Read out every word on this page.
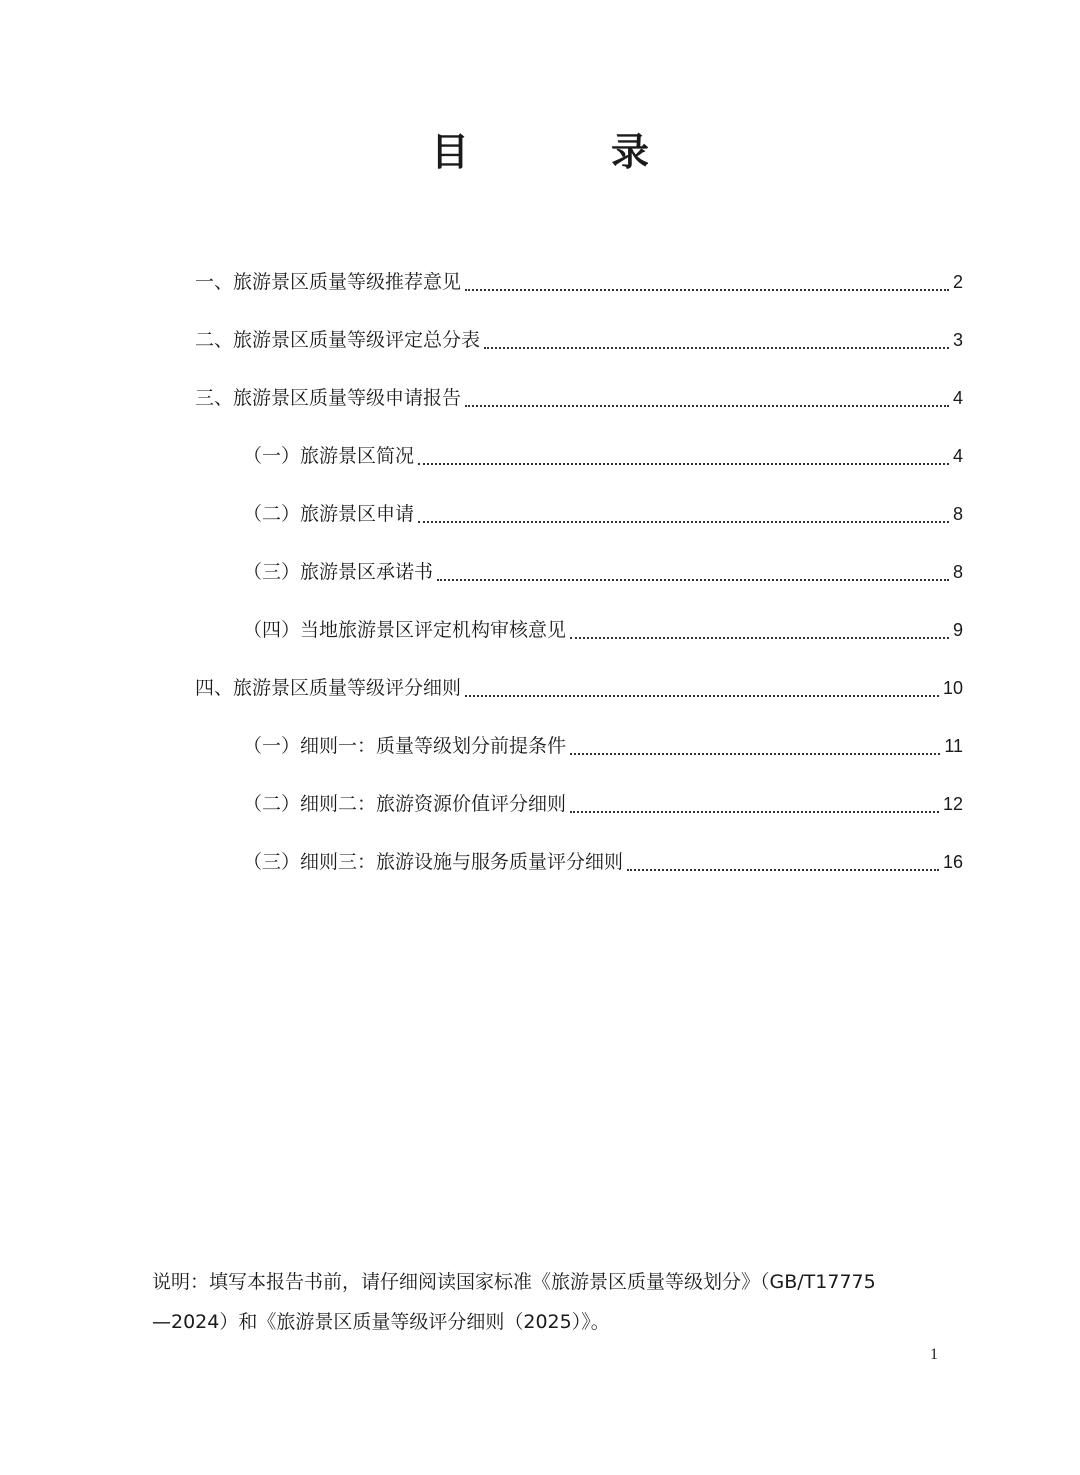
目　录
一、旅游景区质量等级推荐意见	2
二、旅游景区质量等级评定总分表	3
三、旅游景区质量等级申请报告	4
（一）旅游景区简况	4
（二）旅游景区申请	8
（三）旅游景区承诺书	8
（四）当地旅游景区评定机构审核意见	9
四、旅游景区质量等级评分细则	10
（一）细则一：质量等级划分前提条件	11
（二）细则二：旅游资源价值评分细则	12
（三）细则三：旅游设施与服务质量评分细则	16
说明：填写本报告书前，请仔细阅读国家标准《旅游景区质量等级划分》（GB/T17775
—2024）和《旅游景区质量等级评分细则（2025）》。
1
